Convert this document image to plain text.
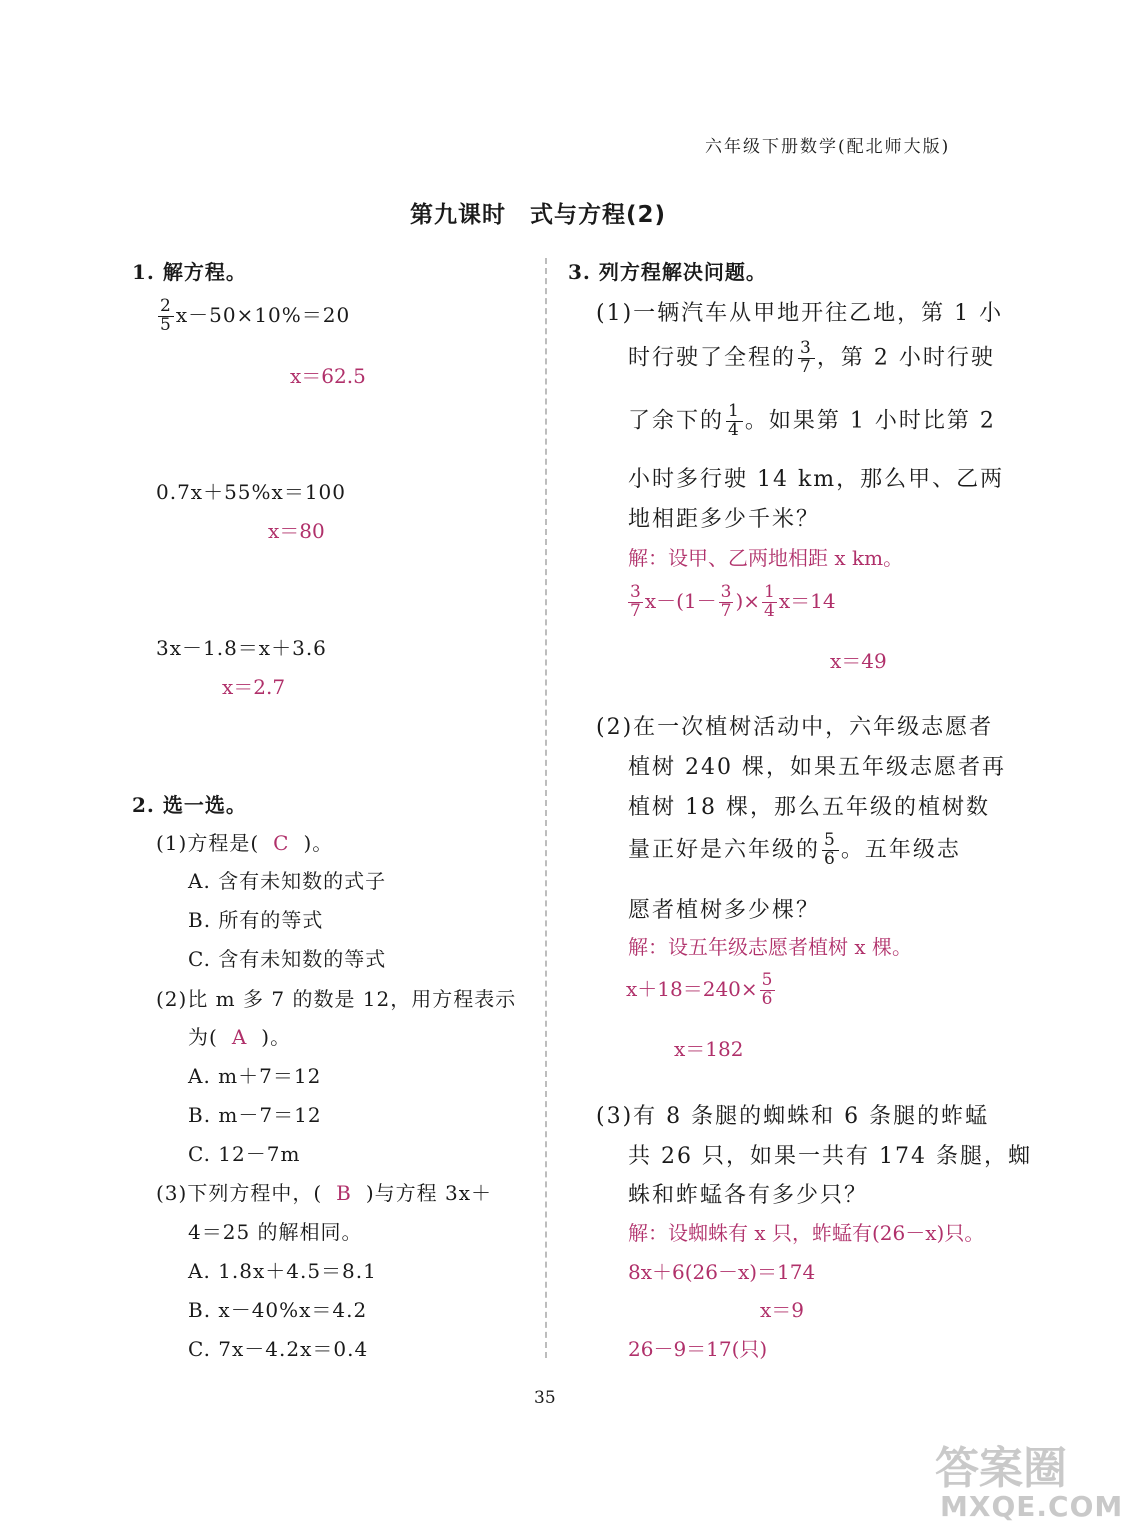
六年级下册数学(配北师大版)
第九课时　式与方程(2)
1. 解方程。
$\frac{2}{5} x-50\times 10\%=20$
x＝62.5
0.7x＋55%x＝100
x＝80
3x－1.8＝x＋3.6
x＝2.7
2. 选一选。
(1)方程是( C )。
A. 含有未知数的式子
B. 所有的等式
C. 含有未知数的等式
(2)比 m 多 7 的数是 12，用方程表示
为( A )。
A. m＋7＝12
B. m－7＝12
C. 12－7m
(3)下列方程中，( B )与方程 3x＋
4＝25 的解相同。
A. 1.8x＋4.5＝8.1
B. x－40%x＝4.2
C. 7x－4.2x＝0.4
3. 列方程解决问题。
(1)一辆汽车从甲地开往乙地，第 1 小
时行驶了全程的 $\frac{3}{7}$ ，第 2 小时行驶
了余下的 $\frac{1}{4}$ 。如果第 1 小时比第 2
小时多行驶 14 km，那么甲、乙两
地相距多少千米？
解：设甲、乙两地相距 x km。
$\frac{3}{7} x-(1- \frac{3}{7}$ )× $\frac{1}{4} x=14$
x＝49
(2)在一次植树活动中，六年级志愿者
植树 240 棵，如果五年级志愿者再
植树 18 棵，那么五年级的植树数
量正好是六年级的 $\frac{5}{6}$ 。五年级志
愿者植树多少棵？
解：设五年级志愿者植树 x 棵。
$x+18=240\times \frac{5}{6}$
x＝182
(3)有 8 条腿的蜘蛛和 6 条腿的蚱蜢
共 26 只，如果一共有 174 条腿，蜘
蛛和蚱蜢各有多少只？
解：设蜘蛛有 x 只，蚱蜢有(26－x)只。
8x＋6(26－x)＝174
x＝9
26－9＝17(只)
35
答案圈
MXQE.COM
